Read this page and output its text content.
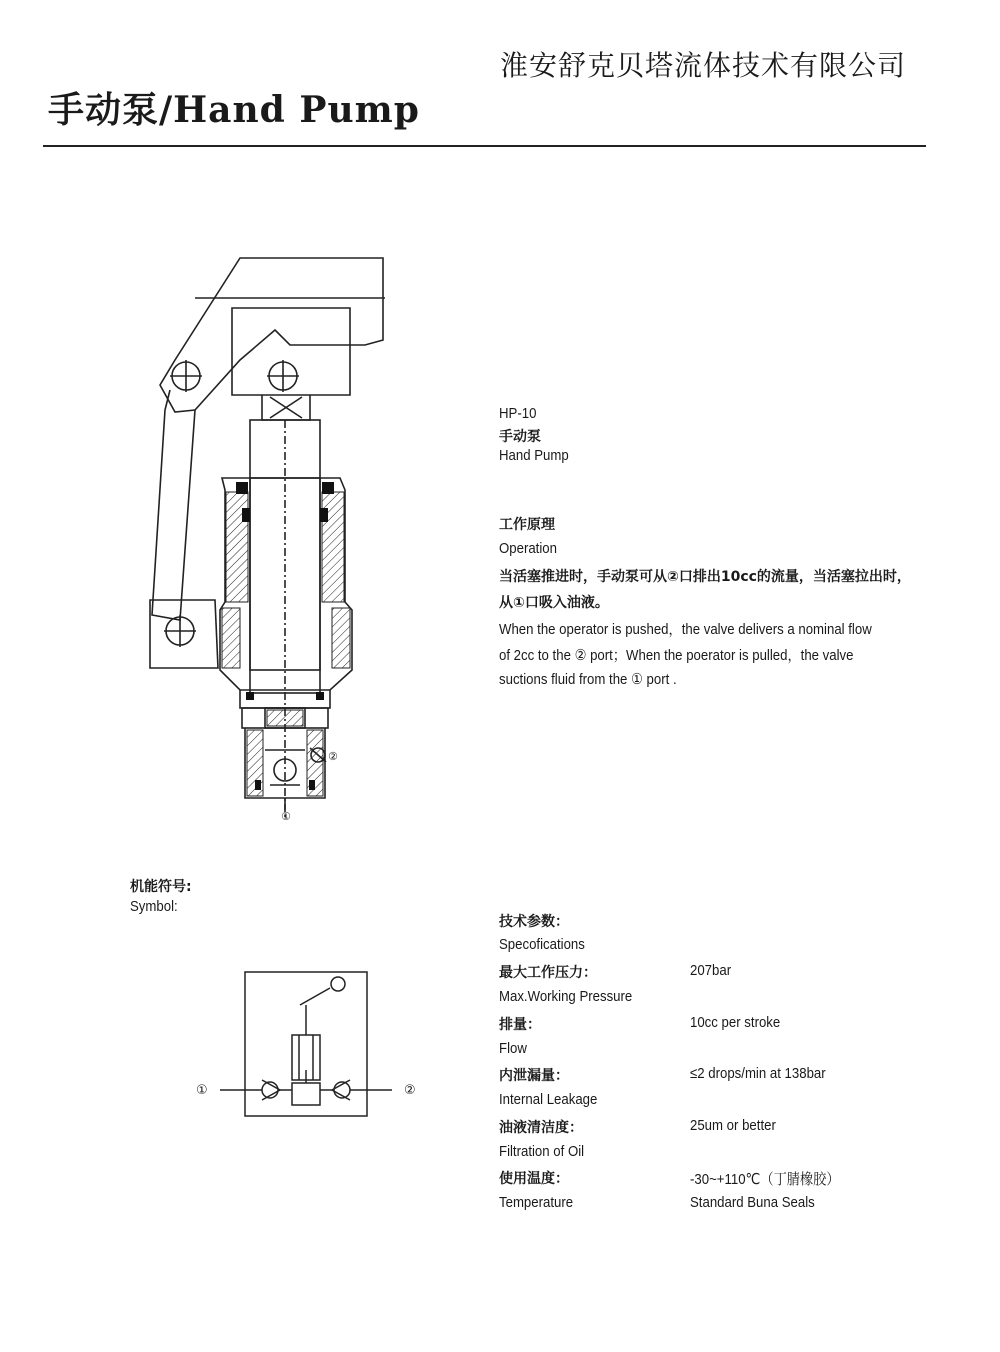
淮安舒克贝塔流体技术有限公司
手动泵/Hand Pump
②
①
HP-10
手动泵
Hand Pump
工作原理
Operation
当活塞推进时，手动泵可从②口排出10cc的流量，当活塞拉出时，
从①口吸入油液。
When the operator is pushed，the valve delivers a nominal flow
of 2cc to the ② port；When the poerator is pulled，the valve
suctions fluid from the ① port .
机能符号:
Symbol:
①	②
技术参数：
Specofications
最大工作压力：
Max.Working Pressure
207bar
排量：
Flow
10cc per stroke
内泄漏量：
Internal Leakage
≤2 drops/min at 138bar
油液清洁度：
Filtration of Oil
25um or better
使用温度：
Temperature
-30~+110℃（丁腈橡胶）
Standard Buna Seals
